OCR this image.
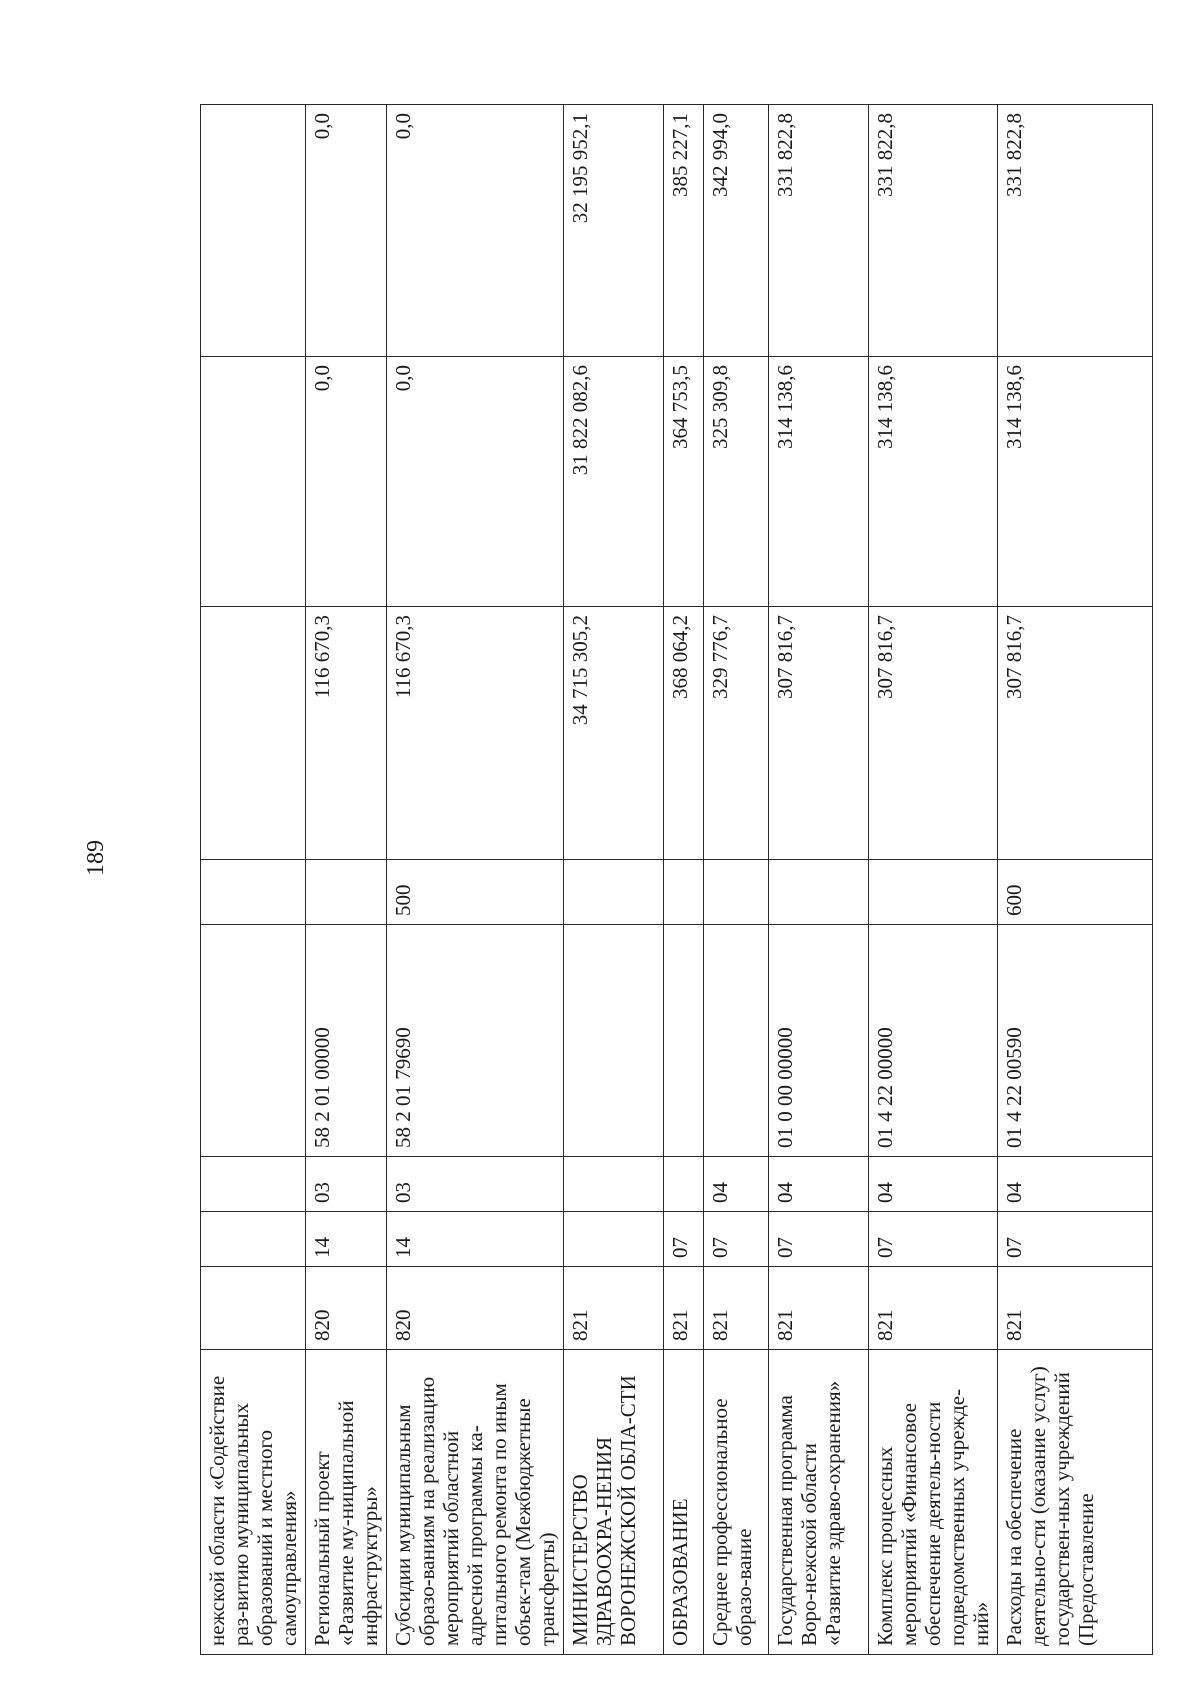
189
нежской области «Содействие раз-витию муниципальных образований и местного самоуправления»								
Региональный проект «Развитие му-ниципальной инфраструктуры»	820	14	03	58 2 01 00000		116 670,3	0,0	0,0
Субсидии муниципальным образо-ваниям на реализацию мероприятий областной адресной программы ка-питального ремонта по иным объек-там (Межбюджетные трансферты)	820	14	03	58 2 01 79690	500	116 670,3	0,0	0,0
МИНИСТЕРСТВО ЗДРАВООХРА-НЕНИЯ ВОРОНЕЖСКОЙ ОБЛА-СТИ	821					34 715 305,2	31 822 082,6	32 195 952,1
ОБРАЗОВАНИЕ	821	07				368 064,2	364 753,5	385 227,1
Среднее профессиональное образо-вание	821	07	04			329 776,7	325 309,8	342 994,0
Государственная программа Воро-нежской области «Развитие здраво-охранения»	821	07	04	01 0 00 00000		307 816,7	314 138,6	331 822,8
Комплекс процессных мероприятий «Финансовое обеспечение деятель-ности подведомственных учрежде-ний»	821	07	04	01 4 22 00000		307 816,7	314 138,6	331 822,8
Расходы на обеспечение деятельно-сти (оказание услуг) государствен-ных учреждений (Предоставление	821	07	04	01 4 22 00590	600	307 816,7	314 138,6	331 822,8
